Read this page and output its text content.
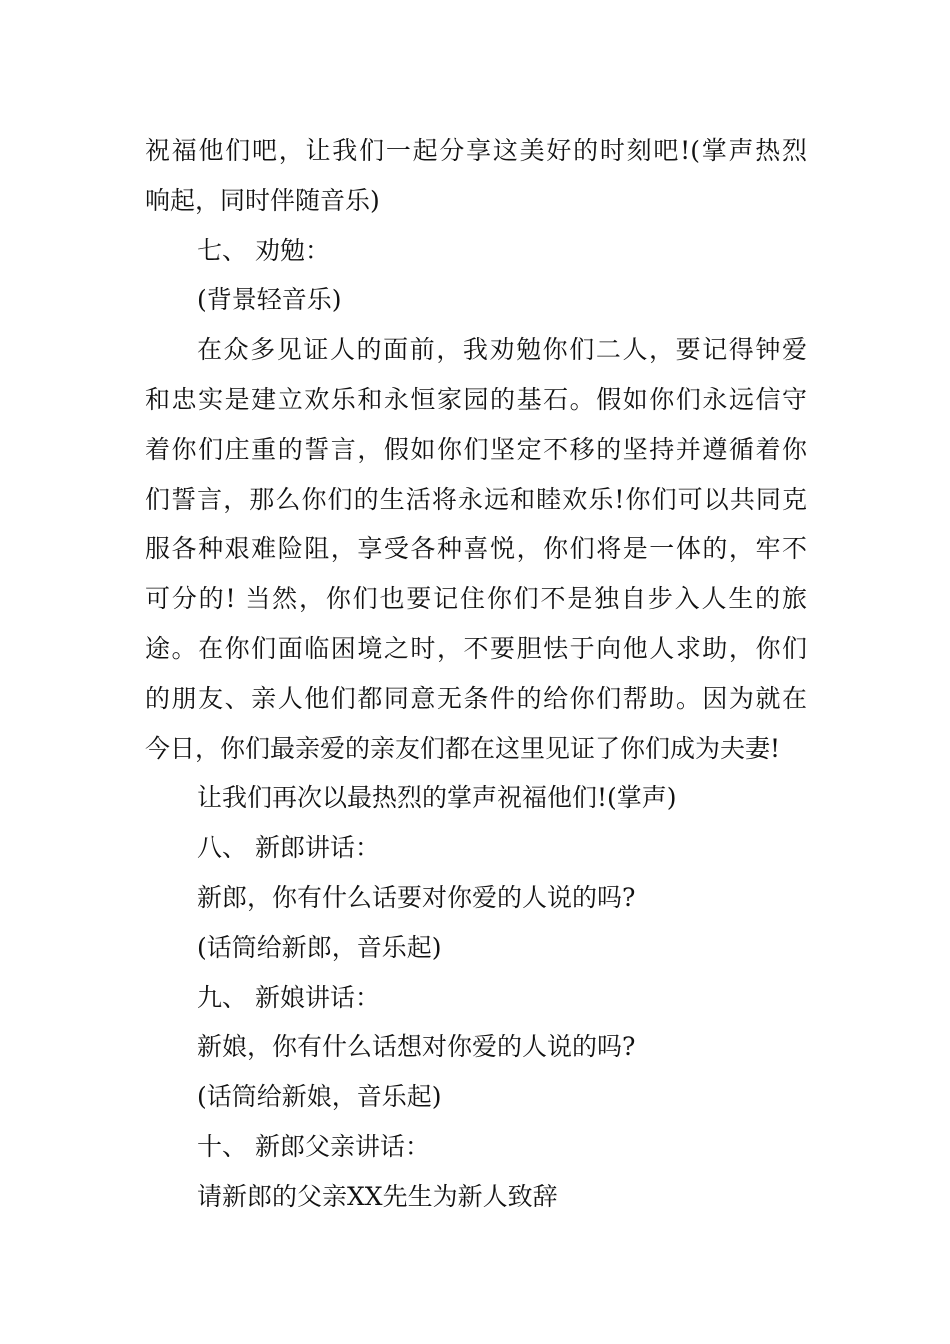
祝福他们吧，让我们一起分享这美好的时刻吧!(掌声热烈
响起，同时伴随音乐)
七、 劝勉：
(背景轻音乐)
在众多见证人的面前，我劝勉你们二人，要记得钟爱
和忠实是建立欢乐和永恒家园的基石。假如你们永远信守
着你们庄重的誓言，假如你们坚定不移的坚持并遵循着你
们誓言，那么你们的生活将永远和睦欢乐!你们可以共同克
服各种艰难险阻，享受各种喜悦，你们将是一体的，牢不
可分的! 当然，你们也要记住你们不是独自步入人生的旅
途。在你们面临困境之时，不要胆怯于向他人求助，你们
的朋友、亲人他们都同意无条件的给你们帮助。因为就在
今日，你们最亲爱的亲友们都在这里见证了你们成为夫妻!
让我们再次以最热烈的掌声祝福他们!(掌声)
八、 新郎讲话：
新郎，你有什么话要对你爱的人说的吗?
(话筒给新郎，音乐起)
九、 新娘讲话：
新娘，你有什么话想对你爱的人说的吗?
(话筒给新娘，音乐起)
十、 新郎父亲讲话：
请新郎的父亲XX先生为新人致辞
